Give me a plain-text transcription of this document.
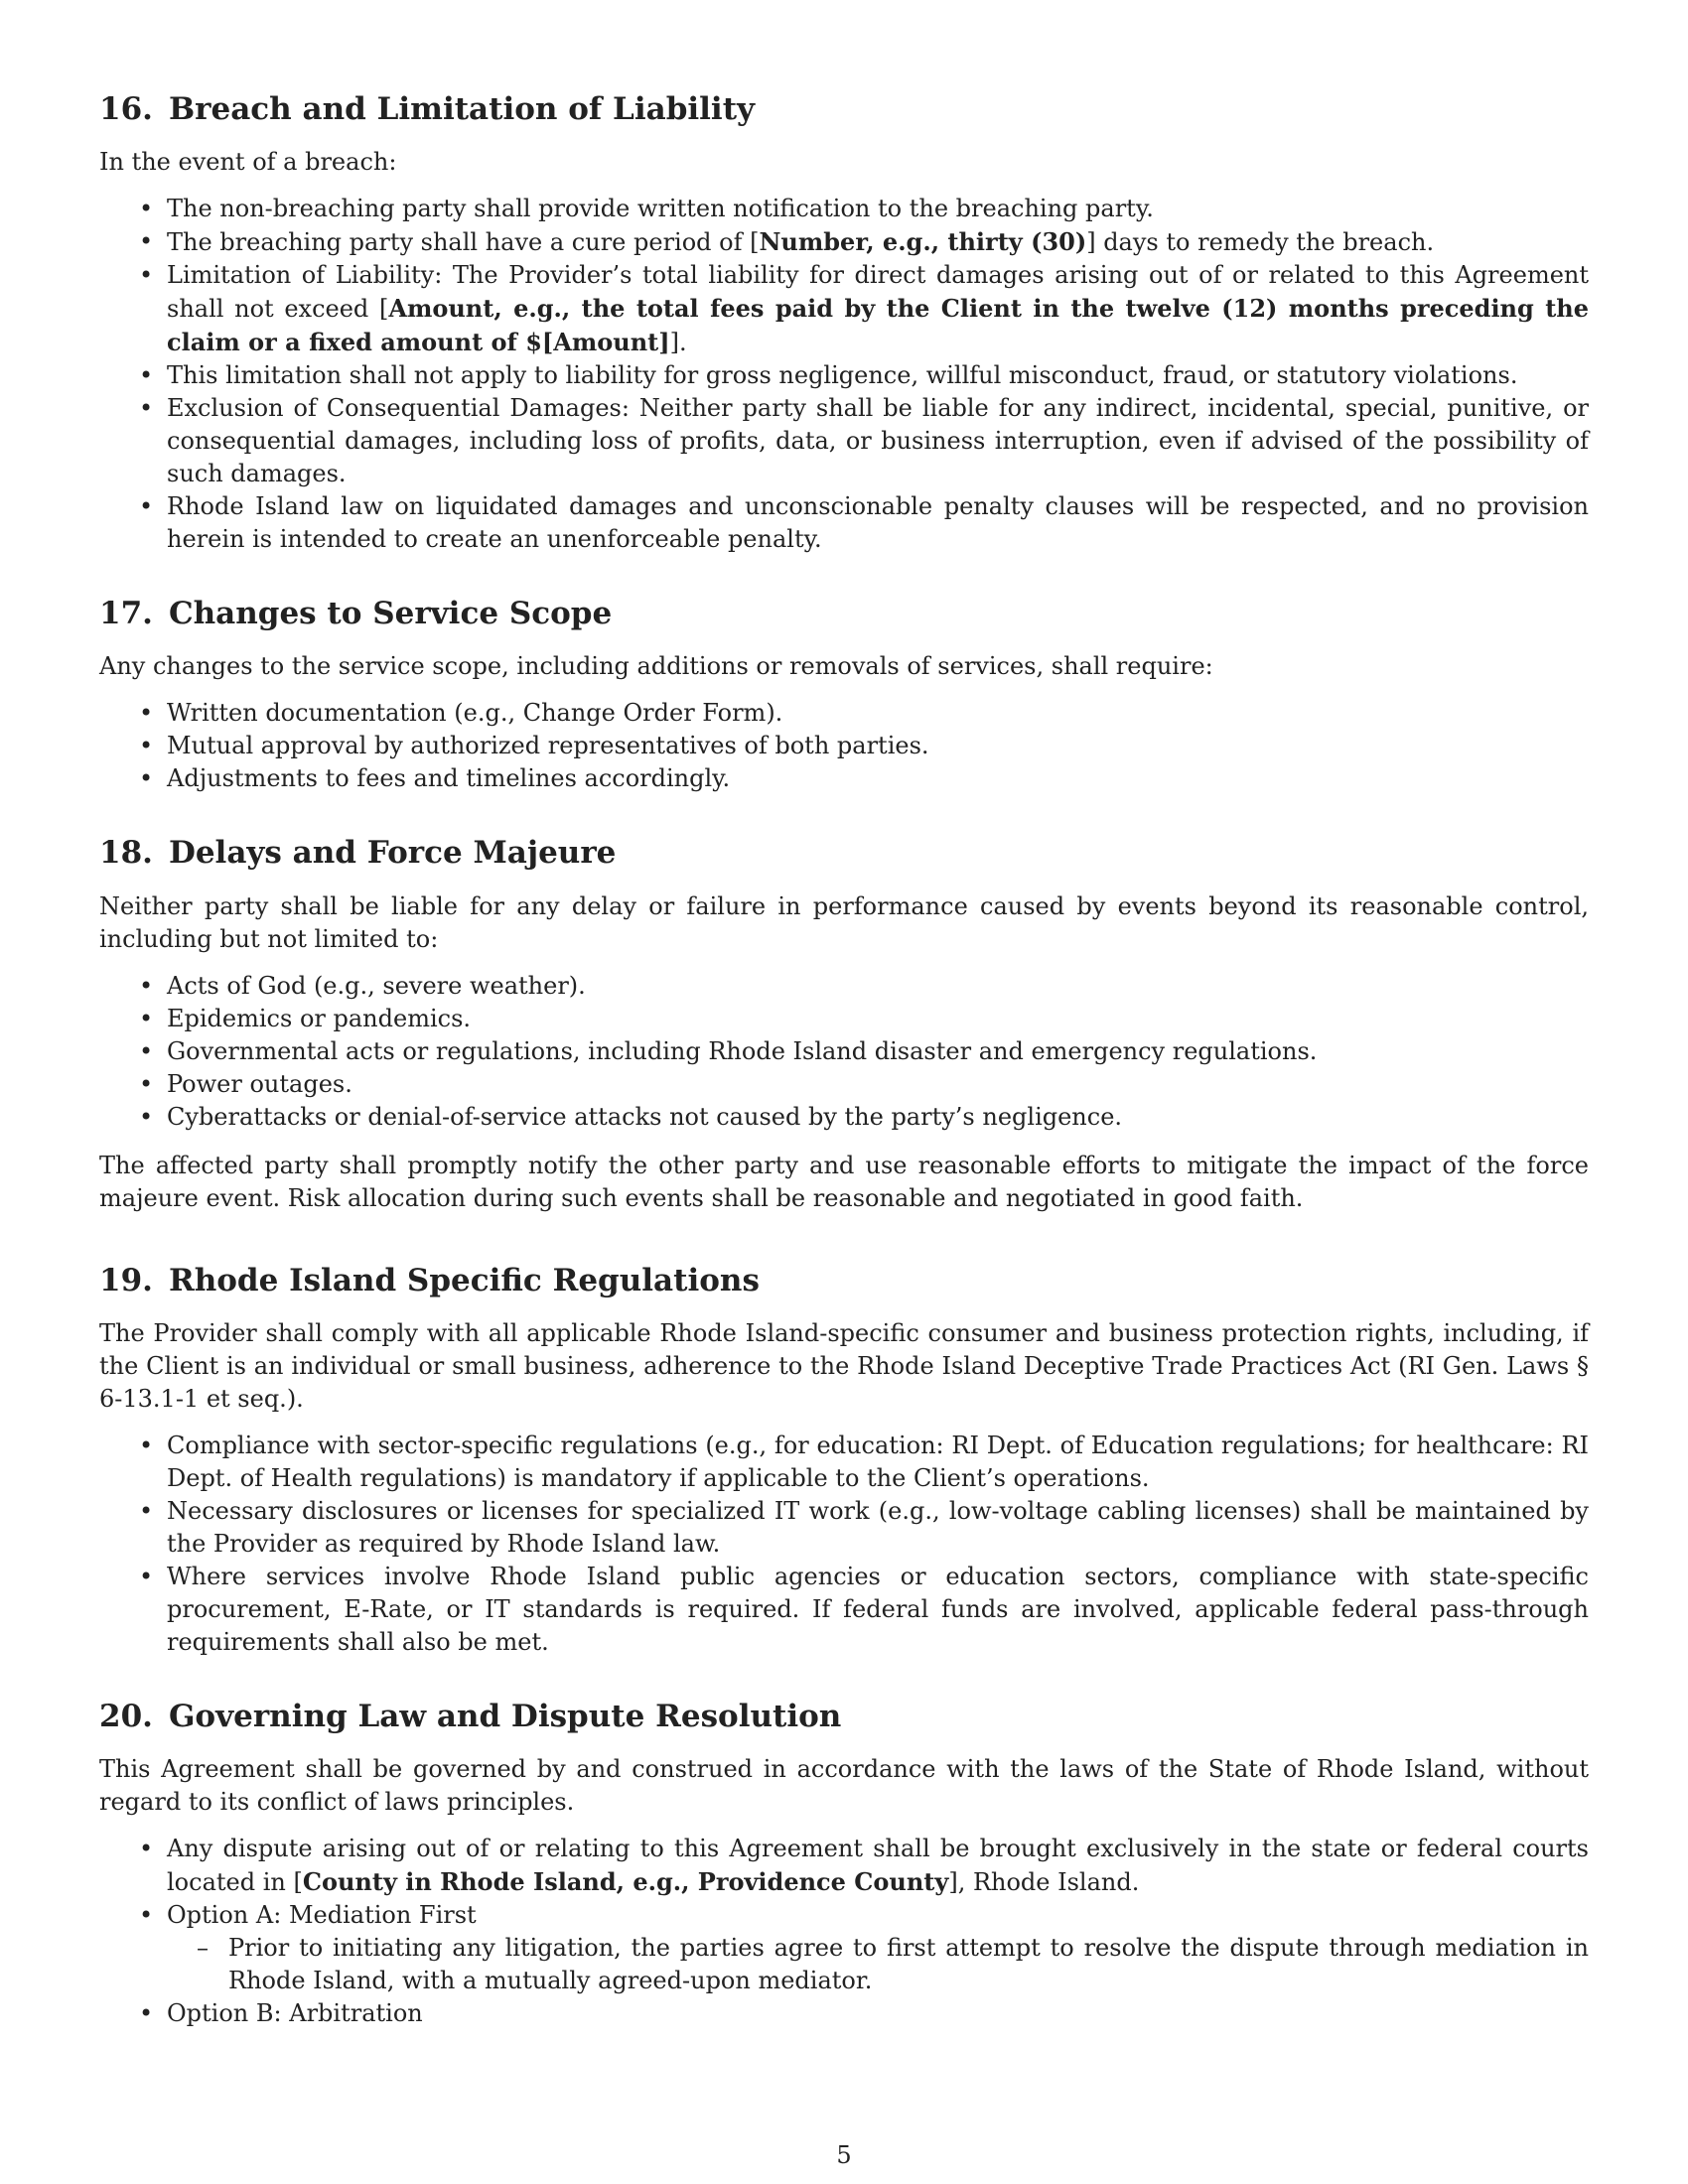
16. Breach and Limitation of Liability

In the event of a breach:

• The non-breaching party shall provide written notification to the breaching party.
• The breaching party shall have a cure period of [Number, e.g., thirty (30)] days to remedy the breach.
• Limitation of Liability: The Provider’s total liability for direct damages arising out of or related to this Agreement shall not exceed [Amount, e.g., the total fees paid by the Client in the twelve (12) months preceding the claim or a fixed amount of $[Amount]].
• This limitation shall not apply to liability for gross negligence, willful misconduct, fraud, or statutory violations.
• Exclusion of Consequential Damages: Neither party shall be liable for any indirect, incidental, special, punitive, or consequential damages, including loss of profits, data, or business interruption, even if advised of the possibility of such damages.
• Rhode Island law on liquidated damages and unconscionable penalty clauses will be respected, and no provision herein is intended to create an unenforceable penalty.
17. Changes to Service Scope

Any changes to the service scope, including additions or removals of services, shall require:

• Written documentation (e.g., Change Order Form).
• Mutual approval by authorized representatives of both parties.
• Adjustments to fees and timelines accordingly.
18. Delays and Force Majeure

Neither party shall be liable for any delay or failure in performance caused by events beyond its reasonable control, including but not limited to:

• Acts of God (e.g., severe weather).
• Epidemics or pandemics.
• Governmental acts or regulations, including Rhode Island disaster and emergency regulations.
• Power outages.
• Cyberattacks or denial-of-service attacks not caused by the party’s negligence.

The affected party shall promptly notify the other party and use reasonable efforts to mitigate the impact of the force majeure event. Risk allocation during such events shall be reasonable and negotiated in good faith.

19. Rhode Island Specific Regulations

The Provider shall comply with all applicable Rhode Island-specific consumer and business protection rights, including, if the Client is an individual or small business, adherence to the Rhode Island Deceptive Trade Practices Act (RI Gen. Laws § 6-13.1-1 et seq.).

• Compliance with sector-specific regulations (e.g., for education: RI Dept. of Education regulations; for healthcare: RI Dept. of Health regulations) is mandatory if applicable to the Client’s operations.
• Necessary disclosures or licenses for specialized IT work (e.g., low-voltage cabling licenses) shall be maintained by the Provider as required by Rhode Island law.
• Where services involve Rhode Island public agencies or education sectors, compliance with state-specific procurement, E-Rate, or IT standards is required. If federal funds are involved, applicable federal pass-through requirements shall also be met.
20. Governing Law and Dispute Resolution

This Agreement shall be governed by and construed in accordance with the laws of the State of Rhode Island, without regard to its conflict of laws principles.

• Any dispute arising out of or relating to this Agreement shall be brought exclusively in the state or federal courts located in [County in Rhode Island, e.g., Providence County], Rhode Island.
• Option A: Mediation First
– Prior to initiating any litigation, the parties agree to first attempt to resolve the dispute through mediation in Rhode Island, with a mutually agreed-upon mediator.
• Option B: Arbitration
5
